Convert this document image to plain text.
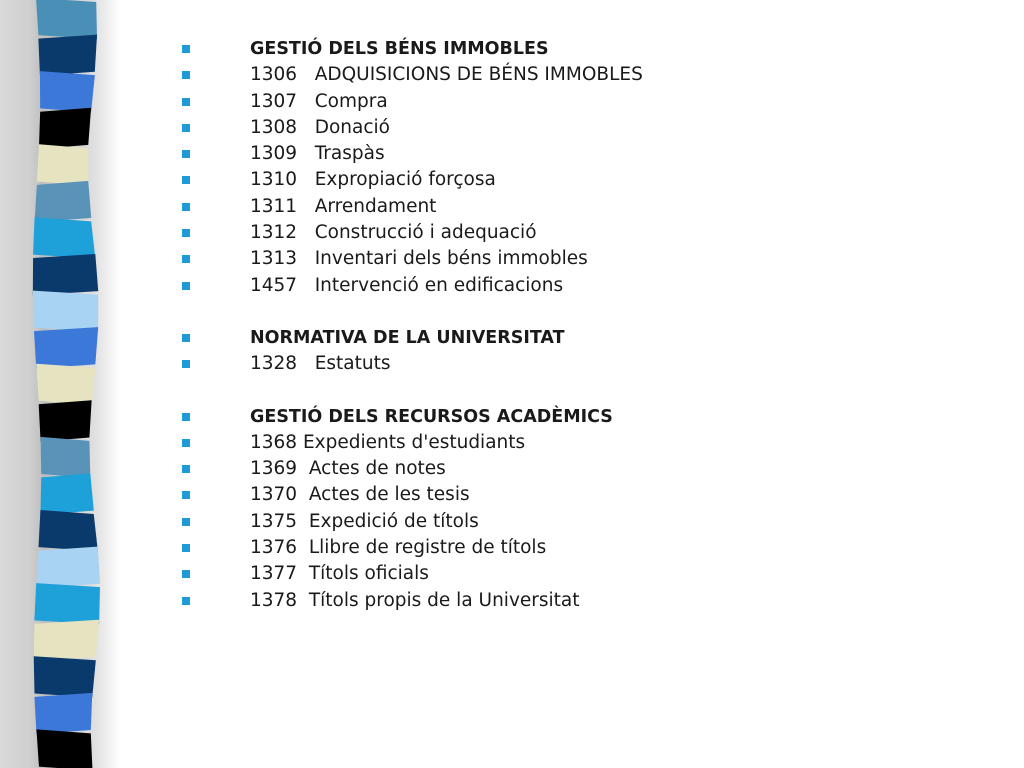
GESTIÓ DELS BÉNS IMMOBLES

1306   ADQUISICIONS DE BÉNS IMMOBLES
1307   Compra
1308   Donació
1309   Traspàs
1310   Expropiació forçosa
1311   Arrendament
1312   Construcció i adequació
1313   Inventari dels béns immobles
1457   Intervenció en edificacions

NORMATIVA DE LA UNIVERSITAT

1328   Estatuts

GESTIÓ DELS RECURSOS ACADÈMICS

1368 Expedients d'estudiants
1369  Actes de notes
1370  Actes de les tesis
1375  Expedició de títols
1376  Llibre de registre de títols
1377  Títols oficials
1378  Títols propis de la Universitat
